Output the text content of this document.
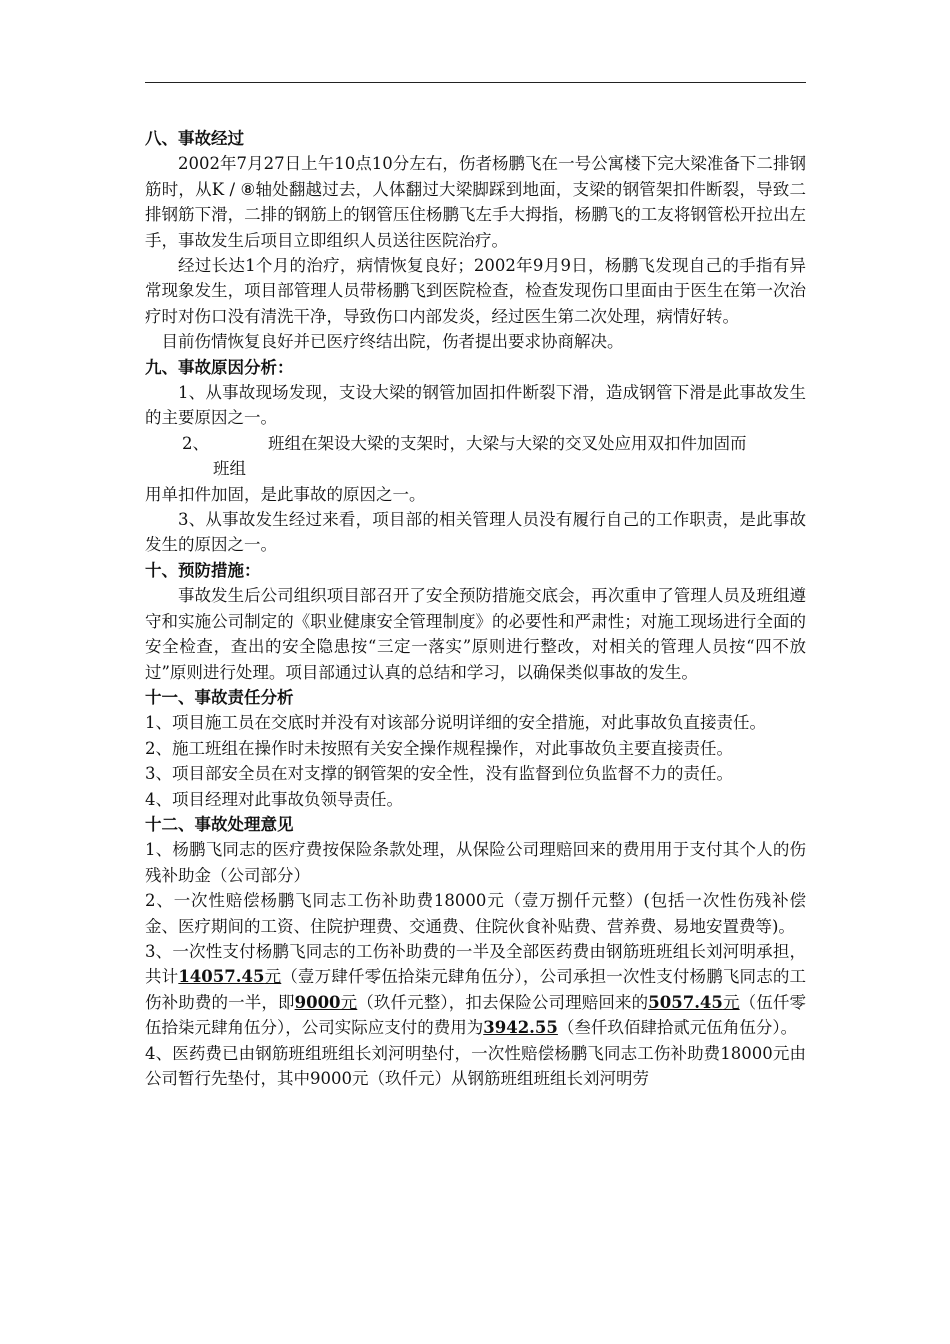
八、事故经过

2002年7月27日上午10点10分左右，伤者杨鹏飞在一号公寓楼下完大梁准备下二排钢筋时，从K / ⑧轴处翻越过去，人体翻过大梁脚踩到地面，支梁的钢管架扣件断裂，导致二排钢筋下滑，二排的钢筋上的钢管压住杨鹏飞左手大拇指，杨鹏飞的工友将钢管松开拉出左手，事故发生后项目立即组织人员送往医院治疗。

经过长达1个月的治疗，病情恢复良好；2002年9月9日，杨鹏飞发现自己的手指有异常现象发生，项目部管理人员带杨鹏飞到医院检查，检查发现伤口里面由于医生在第一次治疗时对伤口没有清洗干净，导致伤口内部发炎，经过医生第二次处理，病情好转。

目前伤情恢复良好并已医疗终结出院，伤者提出要求协商解决。

九、事故原因分析：

1、从事故现场发现，支设大梁的钢管加固扣件断裂下滑，造成钢管下滑是此事故发生的主要原因之一。

2、	班组在架设大梁的支架时，大梁与大梁的交叉处应用双扣件加固而
班组

用单扣件加固，是此事故的原因之一。

3、从事故发生经过来看，项目部的相关管理人员没有履行自己的工作职责，是此事故发生的原因之一。

十、预防措施：

事故发生后公司组织项目部召开了安全预防措施交底会，再次重申了管理人员及班组遵守和实施公司制定的《职业健康安全管理制度》的必要性和严肃性；对施工现场进行全面的安全检查，查出的安全隐患按“三定一落实”原则进行整改，对相关的管理人员按“四不放过”原则进行处理。项目部通过认真的总结和学习，以确保类似事故的发生。

十一、事故责任分析

1、项目施工员在交底时并没有对该部分说明详细的安全措施，对此事故负直接责任。

2、施工班组在操作时未按照有关安全操作规程操作，对此事故负主要直接责任。

3、项目部安全员在对支撑的钢管架的安全性，没有监督到位负监督不力的责任。

4、项目经理对此事故负领导责任。

十二、事故处理意见

1、杨鹏飞同志的医疗费按保险条款处理，从保险公司理赔回来的费用用于支付其个人的伤残补助金（公司部分）

2、一次性赔偿杨鹏飞同志工伤补助费18000元（壹万捌仟元整）(包括一次性伤残补偿金、医疗期间的工资、住院护理费、交通费、住院伙食补贴费、营养费、易地安置费等)。

3、一次性支付杨鹏飞同志的工伤补助费的一半及全部医药费由钢筋班班组长刘河明承担，共计14057.45元（壹万肆仟零伍拾柒元肆角伍分），公司承担一次性支付杨鹏飞同志的工伤补助费的一半，即9000元（玖仟元整），扣去保险公司理赔回来的5057.45元（伍仟零伍拾柒元肆角伍分），公司实际应支付的费用为3942.55（叁仟玖佰肆拾贰元伍角伍分）。

4、医药费已由钢筋班组班组长刘河明垫付，一次性赔偿杨鹏飞同志工伤补助费18000元由公司暂行先垫付，其中9000元（玖仟元）从钢筋班组班组长刘河明劳
